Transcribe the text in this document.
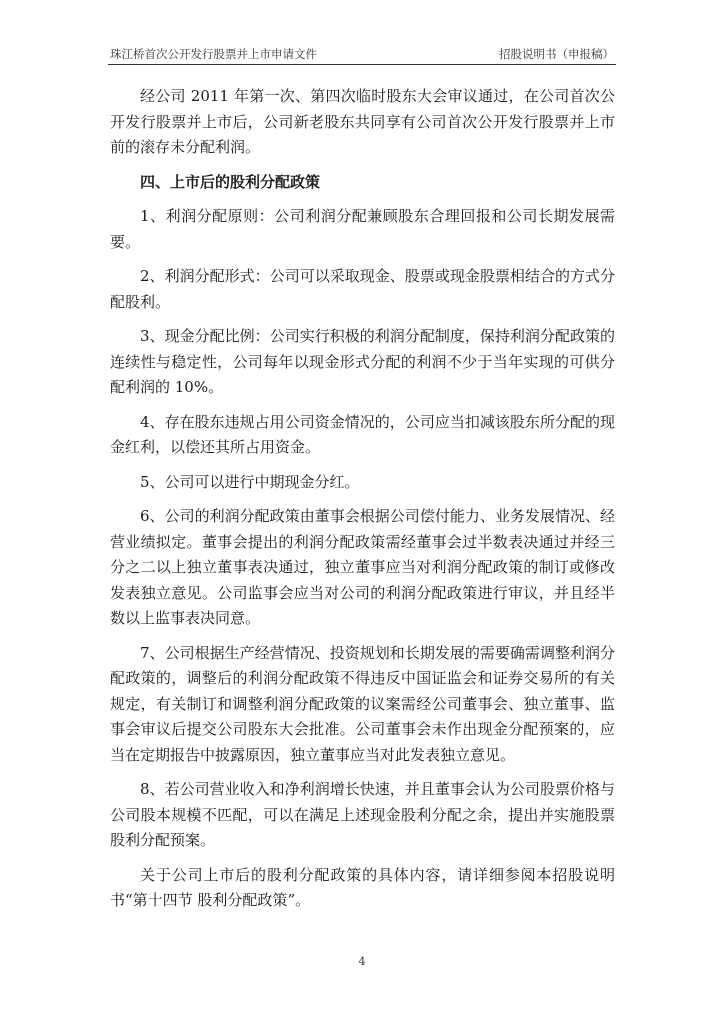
珠江桥首次公开发行股票并上市申请文件	招股说明书（申报稿）

经公司 2011 年第一次、第四次临时股东大会审议通过，在公司首次公开发行股票并上市后，公司新老股东共同享有公司首次公开发行股票并上市前的滚存未分配利润。

四、上市后的股利分配政策

1、利润分配原则：公司利润分配兼顾股东合理回报和公司长期发展需要。

2、利润分配形式：公司可以采取现金、股票或现金股票相结合的方式分配股利。

3、现金分配比例：公司实行积极的利润分配制度，保持利润分配政策的连续性与稳定性，公司每年以现金形式分配的利润不少于当年实现的可供分配利润的 10%。

4、存在股东违规占用公司资金情况的，公司应当扣减该股东所分配的现金红利，以偿还其所占用资金。

5、公司可以进行中期现金分红。

6、公司的利润分配政策由董事会根据公司偿付能力、业务发展情况、经营业绩拟定。董事会提出的利润分配政策需经董事会过半数表决通过并经三分之二以上独立董事表决通过，独立董事应当对利润分配政策的制订或修改发表独立意见。公司监事会应当对公司的利润分配政策进行审议，并且经半数以上监事表决同意。

7、公司根据生产经营情况、投资规划和长期发展的需要确需调整利润分配政策的，调整后的利润分配政策不得违反中国证监会和证券交易所的有关规定，有关制订和调整利润分配政策的议案需经公司董事会、独立董事、监事会审议后提交公司股东大会批准。公司董事会未作出现金分配预案的，应当在定期报告中披露原因，独立董事应当对此发表独立意见。

8、若公司营业收入和净利润增长快速，并且董事会认为公司股票价格与公司股本规模不匹配，可以在满足上述现金股利分配之余，提出并实施股票股利分配预案。

关于公司上市后的股利分配政策的具体内容，请详细参阅本招股说明书“第十四节 股利分配政策”。

4
